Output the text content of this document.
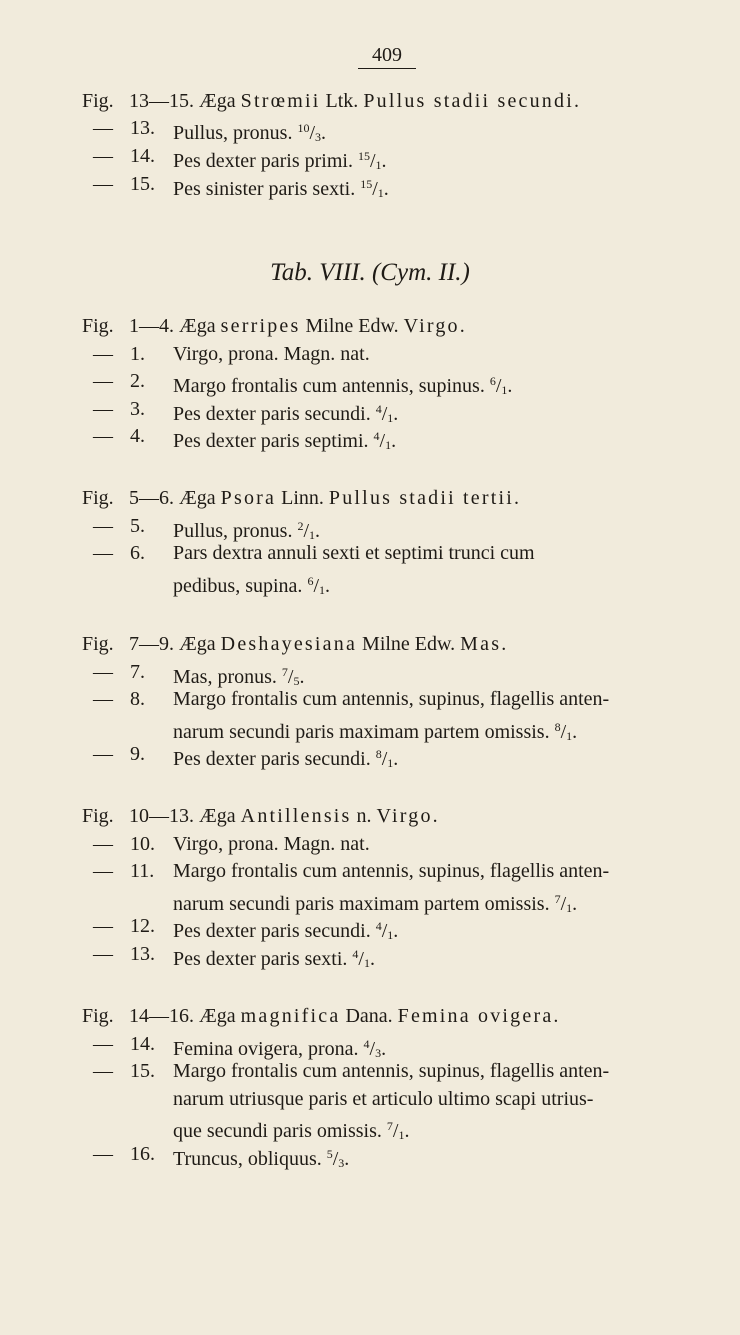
409
Fig. 13—15. Æga Strœmii Ltk. Pullus stadii secundi.
— 13. Pullus, pronus. $^{10}/_3$.
— 14. Pes dexter paris primi. $^{15}/_1$.
— 15. Pes sinister paris sexti. $^{15}/_1$.
Tab. VIII. (Cym. II.)
Fig. 1—4. Æga serripes Milne Edw. Virgo.
— 1. Virgo, prona. Magn. nat.
— 2. Margo frontalis cum antennis, supinus. $^6/_1$.
— 3. Pes dexter paris secundi. $^4/_1$.
— 4. Pes dexter paris septimi. $^4/_1$.
Fig. 5—6. Æga Psora Linn. Pullus stadii tertii.
— 5. Pullus, pronus. $^2/_1$.
— 6. Pars dextra annuli sexti et septimi trunci cum
pedibus, supina. $^6/_1$.
Fig. 7—9. Æga Deshayesiana Milne Edw. Mas.
— 7. Mas, pronus. $^7/_5$.
— 8. Margo frontalis cum antennis, supinus, flagellis anten-
narum secundi paris maximam partem omissis. $^8/_1$.
— 9. Pes dexter paris secundi. $^8/_1$.
Fig. 10—13. Æga Antillensis n. Virgo.
— 10. Virgo, prona. Magn. nat.
— 11. Margo frontalis cum antennis, supinus, flagellis anten-
narum secundi paris maximam partem omissis. $^7/_1$.
— 12. Pes dexter paris secundi. $^4/_1$.
— 13. Pes dexter paris sexti. $^4/_1$.
Fig. 14—16. Æga magnifica Dana. Femina ovigera.
— 14. Femina ovigera, prona. $^4/_3$.
— 15. Margo frontalis cum antennis, supinus, flagellis anten-
narum utriusque paris et articulo ultimo scapi utrius-
que secundi paris omissis. $^7/_1$.
— 16. Truncus, obliquus. $^5/_3$.
